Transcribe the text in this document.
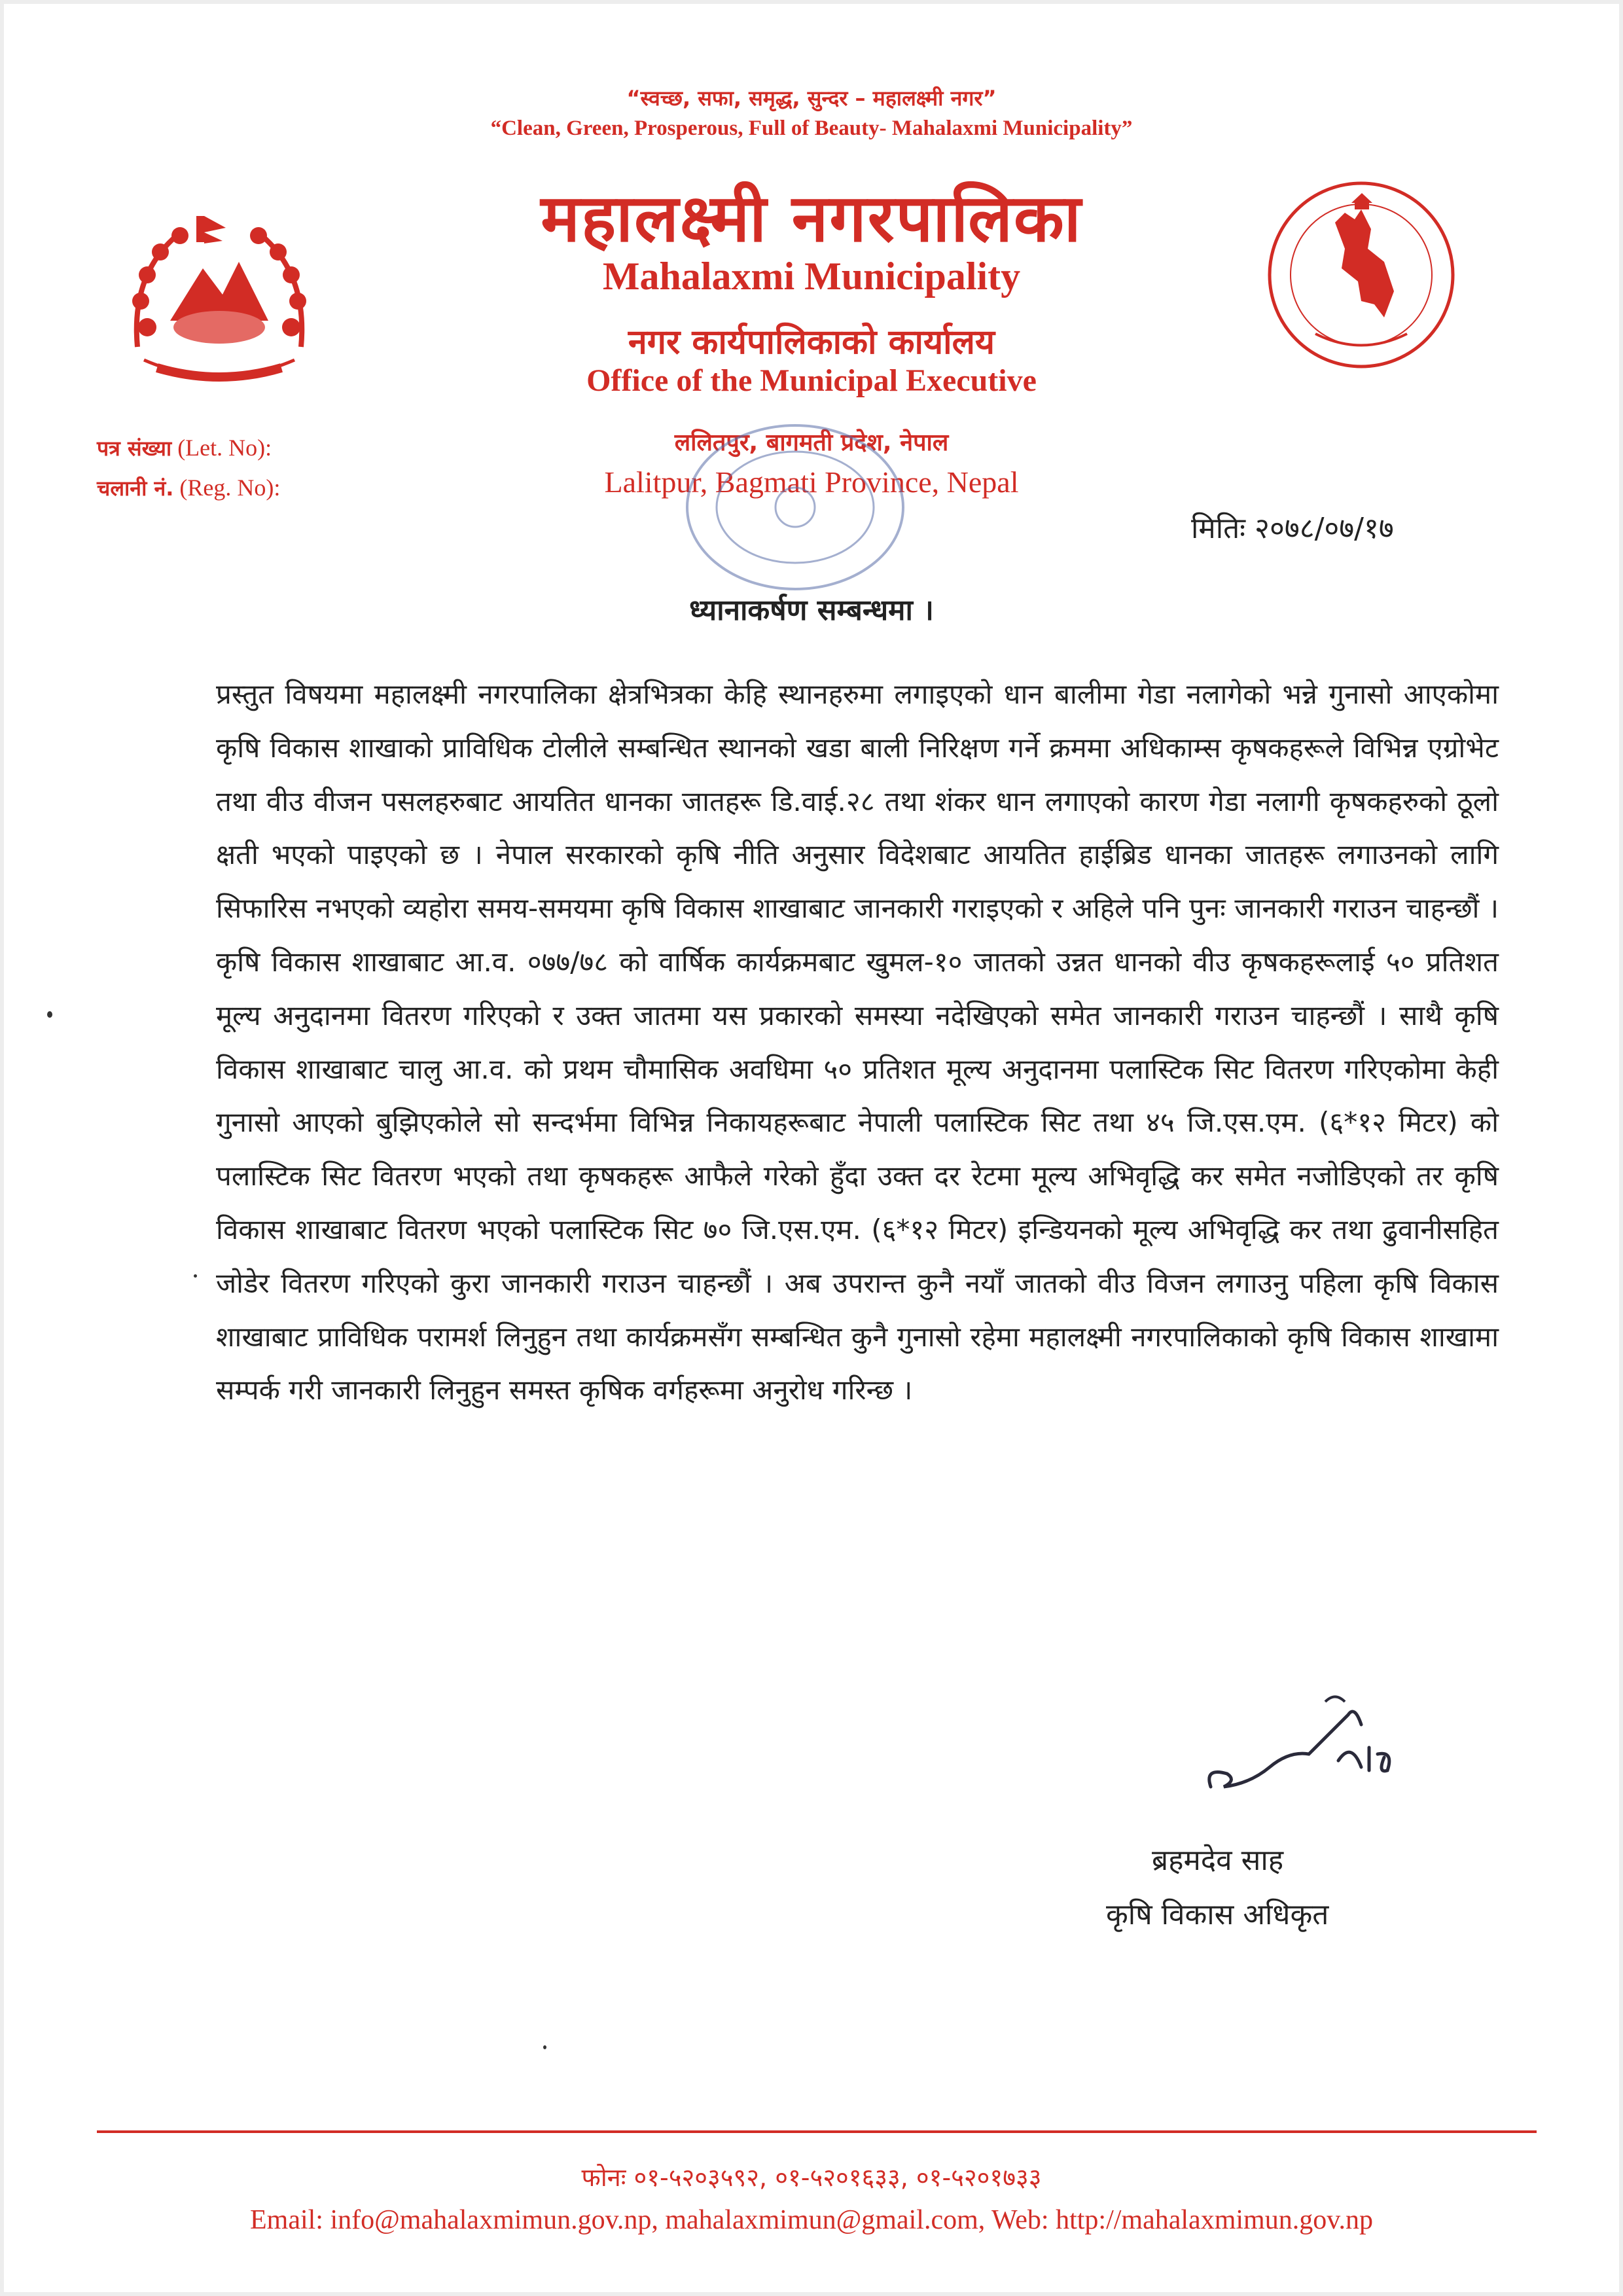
“स्वच्छ, सफा, समृद्ध, सुन्दर – महालक्ष्मी नगर”
“Clean, Green, Prosperous, Full of Beauty- Mahalaxmi Municipality”
महालक्ष्मी नगरपालिका
Mahalaxmi Municipality
नगर कार्यपालिकाको कार्यालय
Office of the Municipal Executive
ललितपुर, बागमती प्रदेश, नेपाल
Lalitpur, Bagmati Province, Nepal
पत्र संख्या (Let. No):
चलानी नं. (Reg. No):
मितिः २०७८/०७/१७
ध्यानाकर्षण सम्बन्धमा ।
प्रस्तुत विषयमा महालक्ष्मी नगरपालिका क्षेत्रभित्रका केहि स्थानहरुमा लगाइएको धान बालीमा गेडा नलागेको भन्ने गुनासो आएकोमा कृषि विकास शाखाको प्राविधिक टोलीले सम्बन्धित स्थानको खडा बाली निरिक्षण गर्ने क्रममा अधिकाम्स कृषकहरूले विभिन्न एग्रोभेट तथा वीउ वीजन पसलहरुबाट आयतित धानका जातहरू डि.वाई.२८ तथा शंकर धान लगाएको कारण गेडा नलागी कृषकहरुको ठूलो क्षती भएको पाइएको छ । नेपाल सरकारको कृषि नीति अनुसार विदेशबाट आयतित हाईब्रिड धानका जातहरू लगाउनको लागि सिफारिस नभएको व्यहोरा समय-समयमा कृषि विकास शाखाबाट जानकारी गराइएको र अहिले पनि पुनः जानकारी गराउन चाहन्छौं । कृषि विकास शाखाबाट आ.व. ०७७/७८ को वार्षिक कार्यक्रमबाट खुमल-१० जातको उन्नत धानको वीउ कृषकहरूलाई ५० प्रतिशत मूल्य अनुदानमा वितरण गरिएको र उक्त जातमा यस प्रकारको समस्या नदेखिएको समेत जानकारी गराउन चाहन्छौं । साथै कृषि विकास शाखाबाट चालु आ.व. को प्रथम चौमासिक अवधिमा ५० प्रतिशत मूल्य अनुदानमा पलास्टिक सिट वितरण गरिएकोमा केही गुनासो आएको बुझिएकोले सो सन्दर्भमा विभिन्न निकायहरूबाट नेपाली पलास्टिक सिट तथा ४५ जि.एस.एम. (६*१२ मिटर) को पलास्टिक सिट वितरण भएको तथा कृषकहरू आफैले गरेको हुँदा उक्त दर रेटमा मूल्य अभिवृद्धि कर समेत नजोडिएको तर कृषि विकास शाखाबाट वितरण भएको पलास्टिक सिट ७० जि.एस.एम. (६*१२ मिटर) इन्डियनको मूल्य अभिवृद्धि कर तथा ढुवानीसहित जोडेर वितरण गरिएको कुरा जानकारी गराउन चाहन्छौं । अब उपरान्त कुनै नयाँ जातको वीउ विजन लगाउनु पहिला कृषि विकास शाखाबाट प्राविधिक परामर्श लिनुहुन तथा कार्यक्रमसँग सम्बन्धित कुनै गुनासो रहेमा महालक्ष्मी नगरपालिकाको कृषि विकास शाखामा सम्पर्क गरी जानकारी लिनुहुन समस्त कृषिक वर्गहरूमा अनुरोध गरिन्छ ।
ब्रहमदेव साह
कृषि विकास अधिकृत
फोनः ०१-५२०३५९२, ०१-५२०१६३३, ०१-५२०१७३३
Email: info@mahalaxmimun.gov.np, mahalaxmimun@gmail.com, Web: http://mahalaxmimun.gov.np
